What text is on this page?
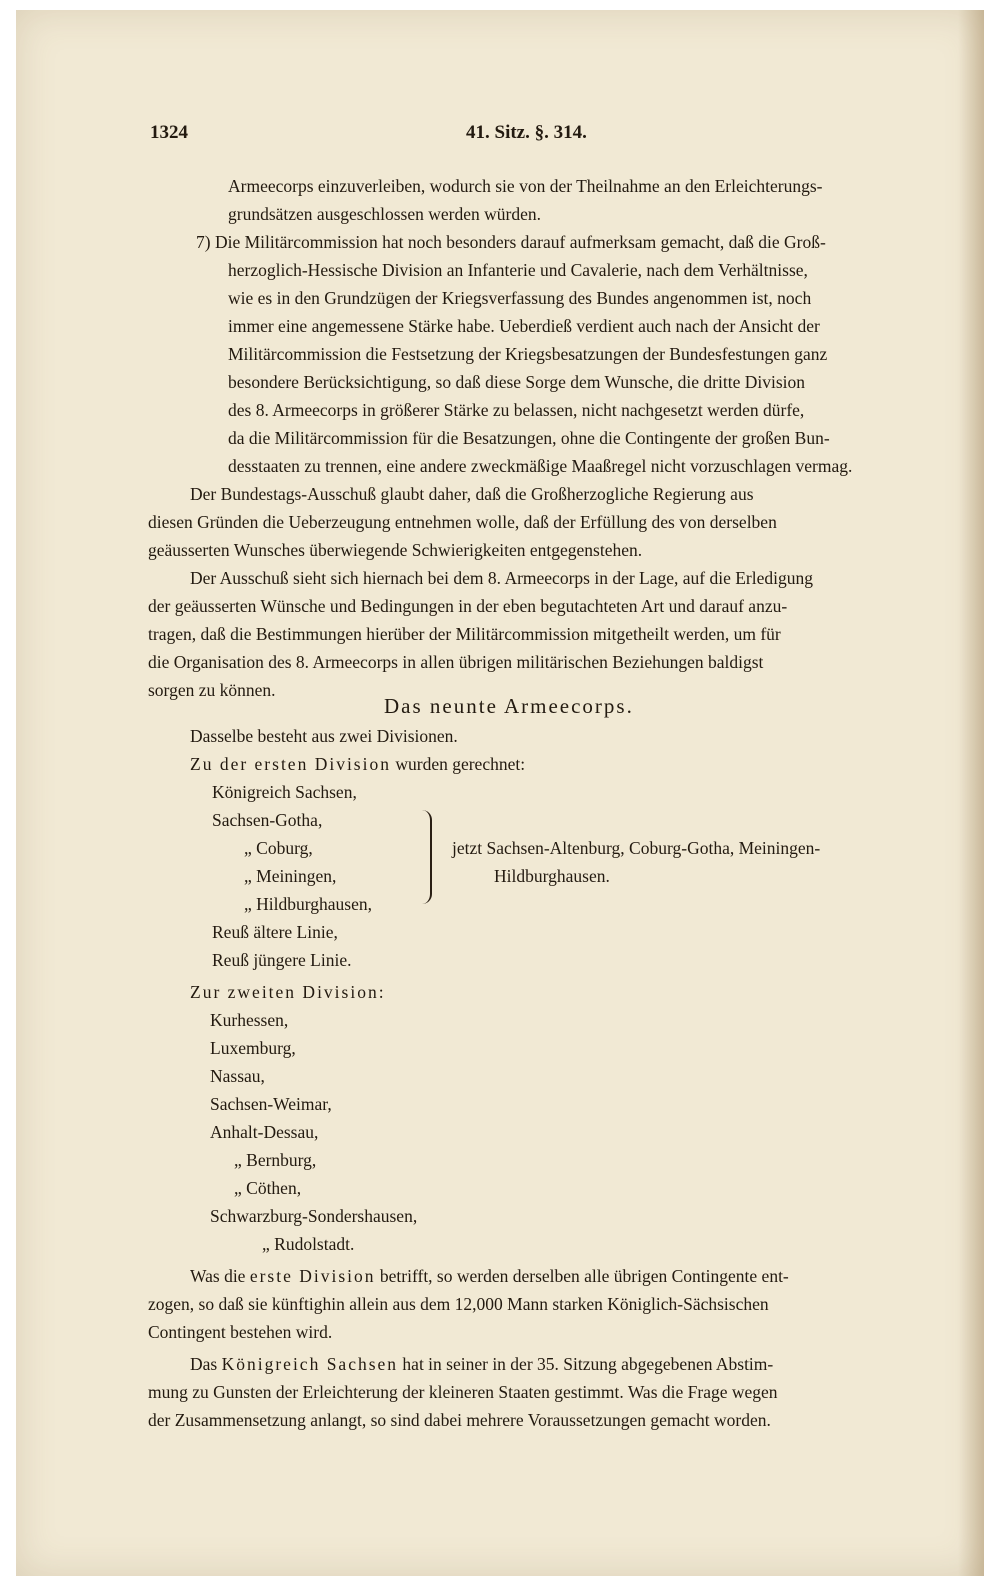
1324	41. Sitz. §. 314.
Armeecorps einzuverleiben, wodurch sie von der Theilnahme an den Erleichterungs-
grundsätzen ausgeschlossen werden würden.
7) Die Militärcommission hat noch besonders darauf aufmerksam gemacht, daß die Groß-
herzoglich-Hessische Division an Infanterie und Cavalerie, nach dem Verhältnisse,
wie es in den Grundzügen der Kriegsverfassung des Bundes angenommen ist, noch
immer eine angemessene Stärke habe. Ueberdieß verdient auch nach der Ansicht der
Militärcommission die Festsetzung der Kriegsbesatzungen der Bundesfestungen ganz
besondere Berücksichtigung, so daß diese Sorge dem Wunsche, die dritte Division
des 8. Armeecorps in größerer Stärke zu belassen, nicht nachgesetzt werden dürfe,
da die Militärcommission für die Besatzungen, ohne die Contingente der großen Bun-
desstaaten zu trennen, eine andere zweckmäßige Maaßregel nicht vorzuschlagen vermag.
Der Bundestags-Ausschuß glaubt daher, daß die Großherzogliche Regierung aus
diesen Gründen die Ueberzeugung entnehmen wolle, daß der Erfüllung des von derselben
geäusserten Wunsches überwiegende Schwierigkeiten entgegenstehen.
Der Ausschuß sieht sich hiernach bei dem 8. Armeecorps in der Lage, auf die Erledigung
der geäusserten Wünsche und Bedingungen in der eben begutachteten Art und darauf anzu-
tragen, daß die Bestimmungen hierüber der Militärcommission mitgetheilt werden, um für
die Organisation des 8. Armeecorps in allen übrigen militärischen Beziehungen baldigst
sorgen zu können.
Das neunte Armeecorps.
Dasselbe besteht aus zwei Divisionen.
Zu der ersten Division wurden gerechnet:
Königreich Sachsen,
Sachsen-Gotha,
„ Coburg,
„ Meiningen,
„ Hildburghausen,
Reuß ältere Linie,
Reuß jüngere Linie.
jetzt Sachsen-Altenburg, Coburg-Gotha, Meiningen-
Hildburghausen.
Zur zweiten Division:
Kurhessen,
Luxemburg,
Nassau,
Sachsen-Weimar,
Anhalt-Dessau,
„ Bernburg,
„ Cöthen,
Schwarzburg-Sondershausen,
„ Rudolstadt.
Was die erste Division betrifft, so werden derselben alle übrigen Contingente ent-
zogen, so daß sie künftighin allein aus dem 12,000 Mann starken Königlich-Sächsischen
Contingent bestehen wird.
Das Königreich Sachsen hat in seiner in der 35. Sitzung abgegebenen Abstim-
mung zu Gunsten der Erleichterung der kleineren Staaten gestimmt. Was die Frage wegen
der Zusammensetzung anlangt, so sind dabei mehrere Voraussetzungen gemacht worden.
